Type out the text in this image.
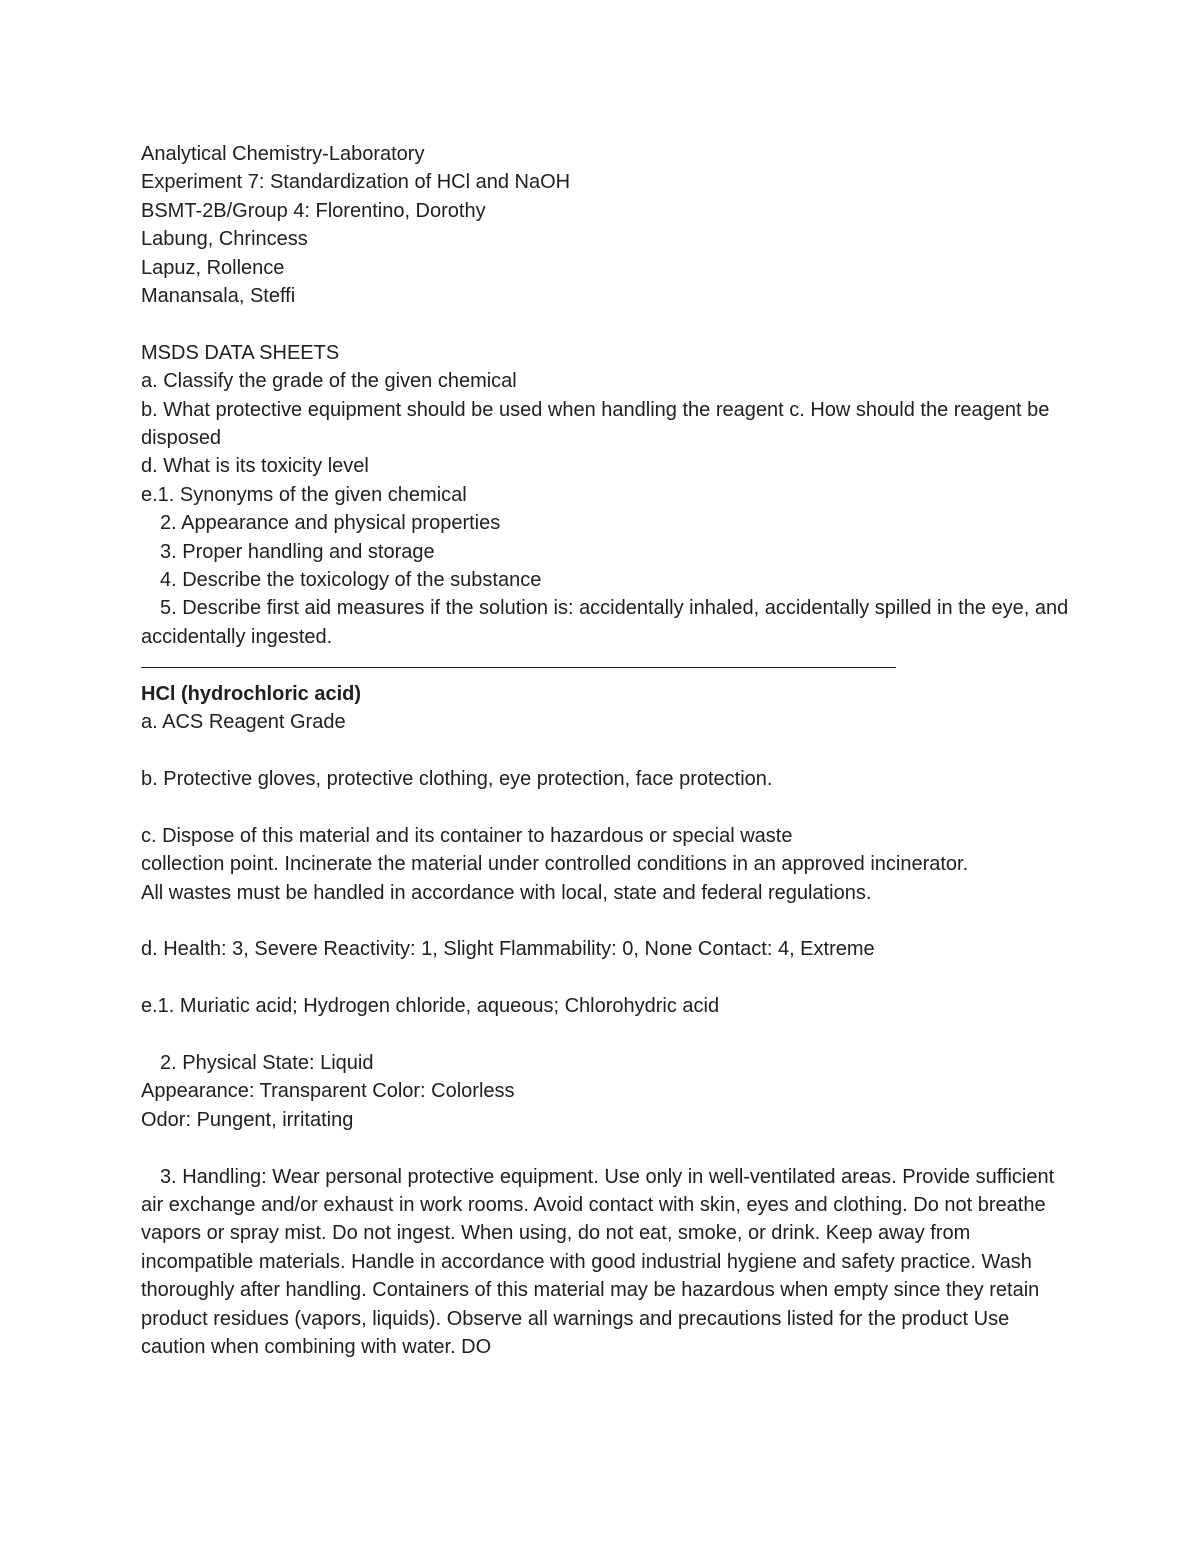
Analytical Chemistry-Laboratory

Experiment 7: Standardization of HCl and NaOH

BSMT-2B/Group 4: Florentino, Dorothy

Labung, Chrincess

Lapuz, Rollence

Manansala, Steffi

MSDS DATA SHEETS

a. Classify the grade of the given chemical

b. What protective equipment should be used when handling the reagent c. How should the reagent be disposed

d. What is its toxicity level

e.1. Synonyms of the given chemical

2. Appearance and physical properties

3. Proper handling and storage

4. Describe the toxicology of the substance

5. Describe first aid measures if the solution is: accidentally inhaled, accidentally spilled in the eye, and accidentally ingested.

HCl (hydrochloric acid)

a. ACS Reagent Grade

b. Protective gloves, protective clothing, eye protection, face protection.

c. Dispose of this material and its container to hazardous or special waste

collection point. Incinerate the material under controlled conditions in an approved incinerator.

All wastes must be handled in accordance with local, state and federal regulations.

d. Health: 3, Severe Reactivity: 1, Slight Flammability: 0, None Contact: 4, Extreme

e.1. Muriatic acid; Hydrogen chloride, aqueous; Chlorohydric acid

2. Physical State: Liquid

Appearance: Transparent Color: Colorless

Odor: Pungent, irritating

3. Handling: Wear personal protective equipment. Use only in well-ventilated areas. Provide sufficient air exchange and/or exhaust in work rooms. Avoid contact with skin, eyes and clothing. Do not breathe vapors or spray mist. Do not ingest. When using, do not eat, smoke, or drink. Keep away from incompatible materials. Handle in accordance with good industrial hygiene and safety practice. Wash thoroughly after handling. Containers of this material may be hazardous when empty since they retain product residues (vapors, liquids). Observe all warnings and precautions listed for the product Use caution when combining with water. DO
